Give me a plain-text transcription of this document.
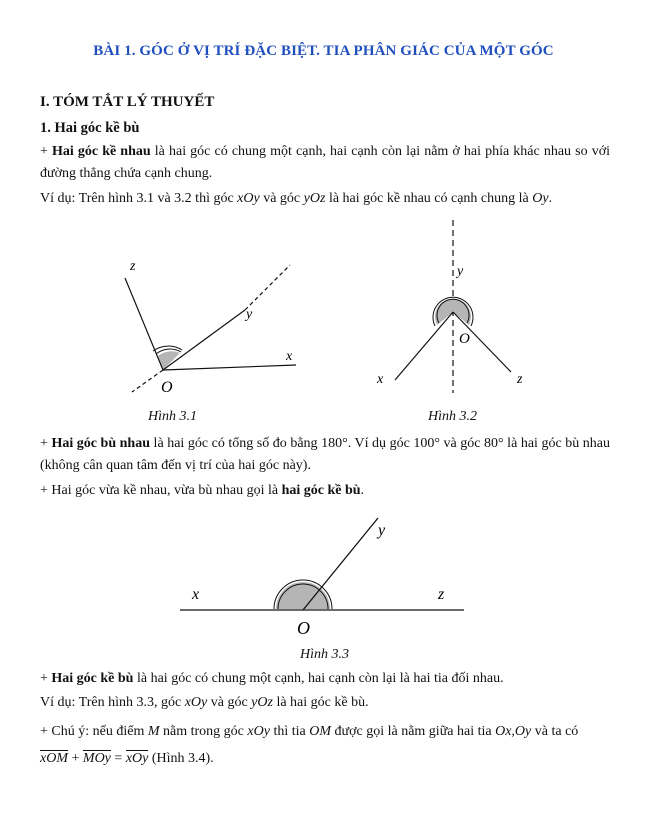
BÀI 1. GÓC Ở VỊ TRÍ ĐẶC BIỆT. TIA PHÂN GIÁC CỦA MỘT GÓC
I. TÓM TẮT LÝ THUYẾT
1. Hai góc kề bù
+ Hai góc kề nhau là hai góc có chung một cạnh, hai cạnh còn lại nằm ở hai phía khác nhau so với đường thẳng chứa cạnh chung.
Ví dụ: Trên hình 3.1 và 3.2 thì góc xOy và góc yOz là hai góc kề nhau có cạnh chung là Oy.
z
y
x
O
Hình 3.1
y
O
x	z
Hình 3.2
+ Hai góc bù nhau là hai góc có tổng số đo bằng 180°. Ví dụ góc 100° và góc 80° là hai góc bù nhau (không cân quan tâm đến vị trí của hai góc này).
+ Hai góc vừa kề nhau, vừa bù nhau gọi là hai góc kề bù.
x
y
z
O
Hình 3.3
+ Hai góc kề bù là hai góc có chung một cạnh, hai cạnh còn lại là hai tia đối nhau.
Ví dụ: Trên hình 3.3, góc xOy và góc yOz là hai góc kề bù.
+ Chú ý: nếu điểm M nằm trong góc xOy thì tia OM được gọi là nằm giữa hai tia Ox,Oy và ta có
xOM + MOy = xOy (Hình 3.4).
